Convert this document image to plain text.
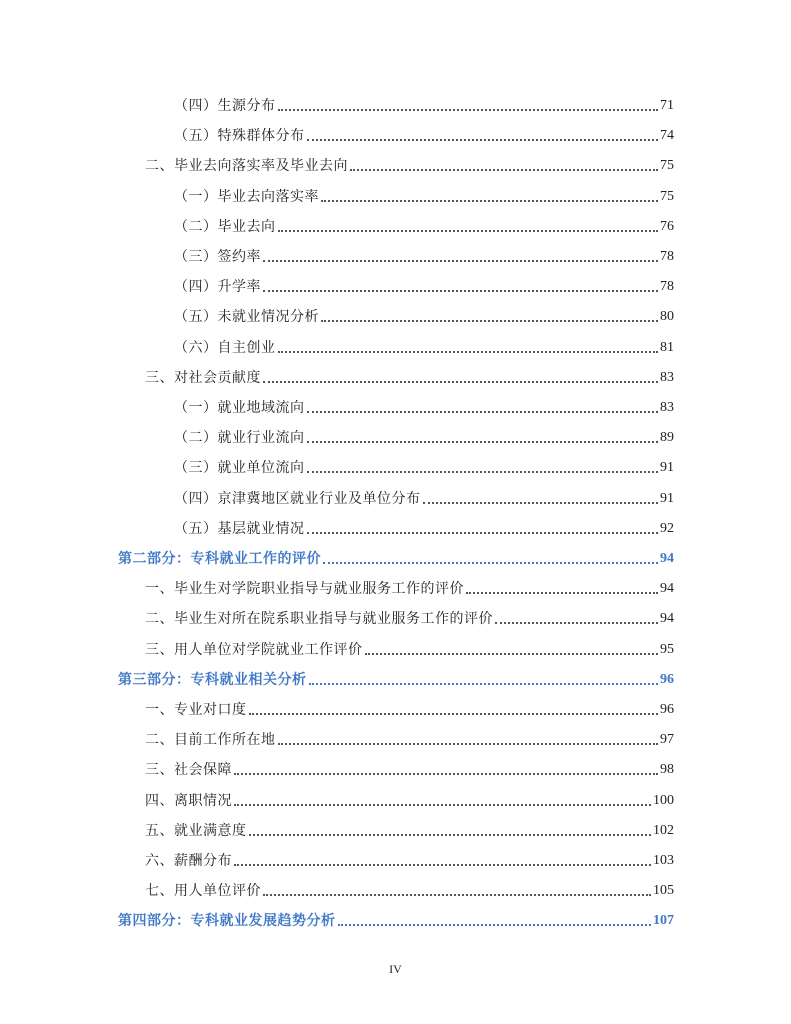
（四）生源分布	71
（五）特殊群体分布	74
二、毕业去向落实率及毕业去向	75
（一）毕业去向落实率	75
（二）毕业去向	76
（三）签约率	78
（四）升学率	78
（五）未就业情况分析	80
（六）自主创业	81
三、对社会贡献度	83
（一）就业地域流向	83
（二）就业行业流向	89
（三）就业单位流向	91
（四）京津冀地区就业行业及单位分布	91
（五）基层就业情况	92
第二部分：专科就业工作的评价	94
一、毕业生对学院职业指导与就业服务工作的评价	94
二、毕业生对所在院系职业指导与就业服务工作的评价	94
三、用人单位对学院就业工作评价	95
第三部分：专科就业相关分析	96
一、专业对口度	96
二、目前工作所在地	97
三、社会保障	98
四、离职情况	100
五、就业满意度	102
六、薪酬分布	103
七、用人单位评价	105
第四部分：专科就业发展趋势分析	107
IV
